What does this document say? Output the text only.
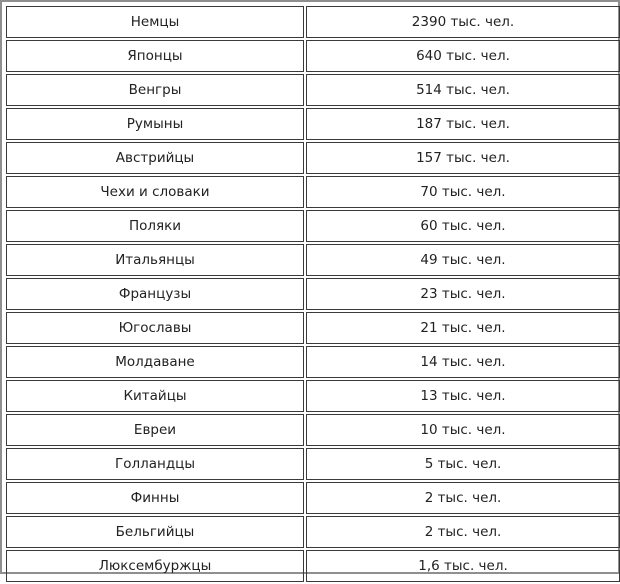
Немцы	2390 тыс. чел.
Японцы	640 тыс. чел.
Венгры	514 тыс. чел.
Румыны	187 тыс. чел.
Австрийцы	157 тыс. чел.
Чехи и словаки	70 тыс. чел.
Поляки	60 тыс. чел.
Итальянцы	49 тыс. чел.
Французы	23 тыс. чел.
Югославы	21 тыс. чел.
Молдаване	14 тыс. чел.
Китайцы	13 тыс. чел.
Евреи	10 тыс. чел.
Голландцы	5 тыс. чел.
Финны	2 тыс. чел.
Бельгийцы	2 тыс. чел.
Люксембуржцы	1,6 тыс. чел.
